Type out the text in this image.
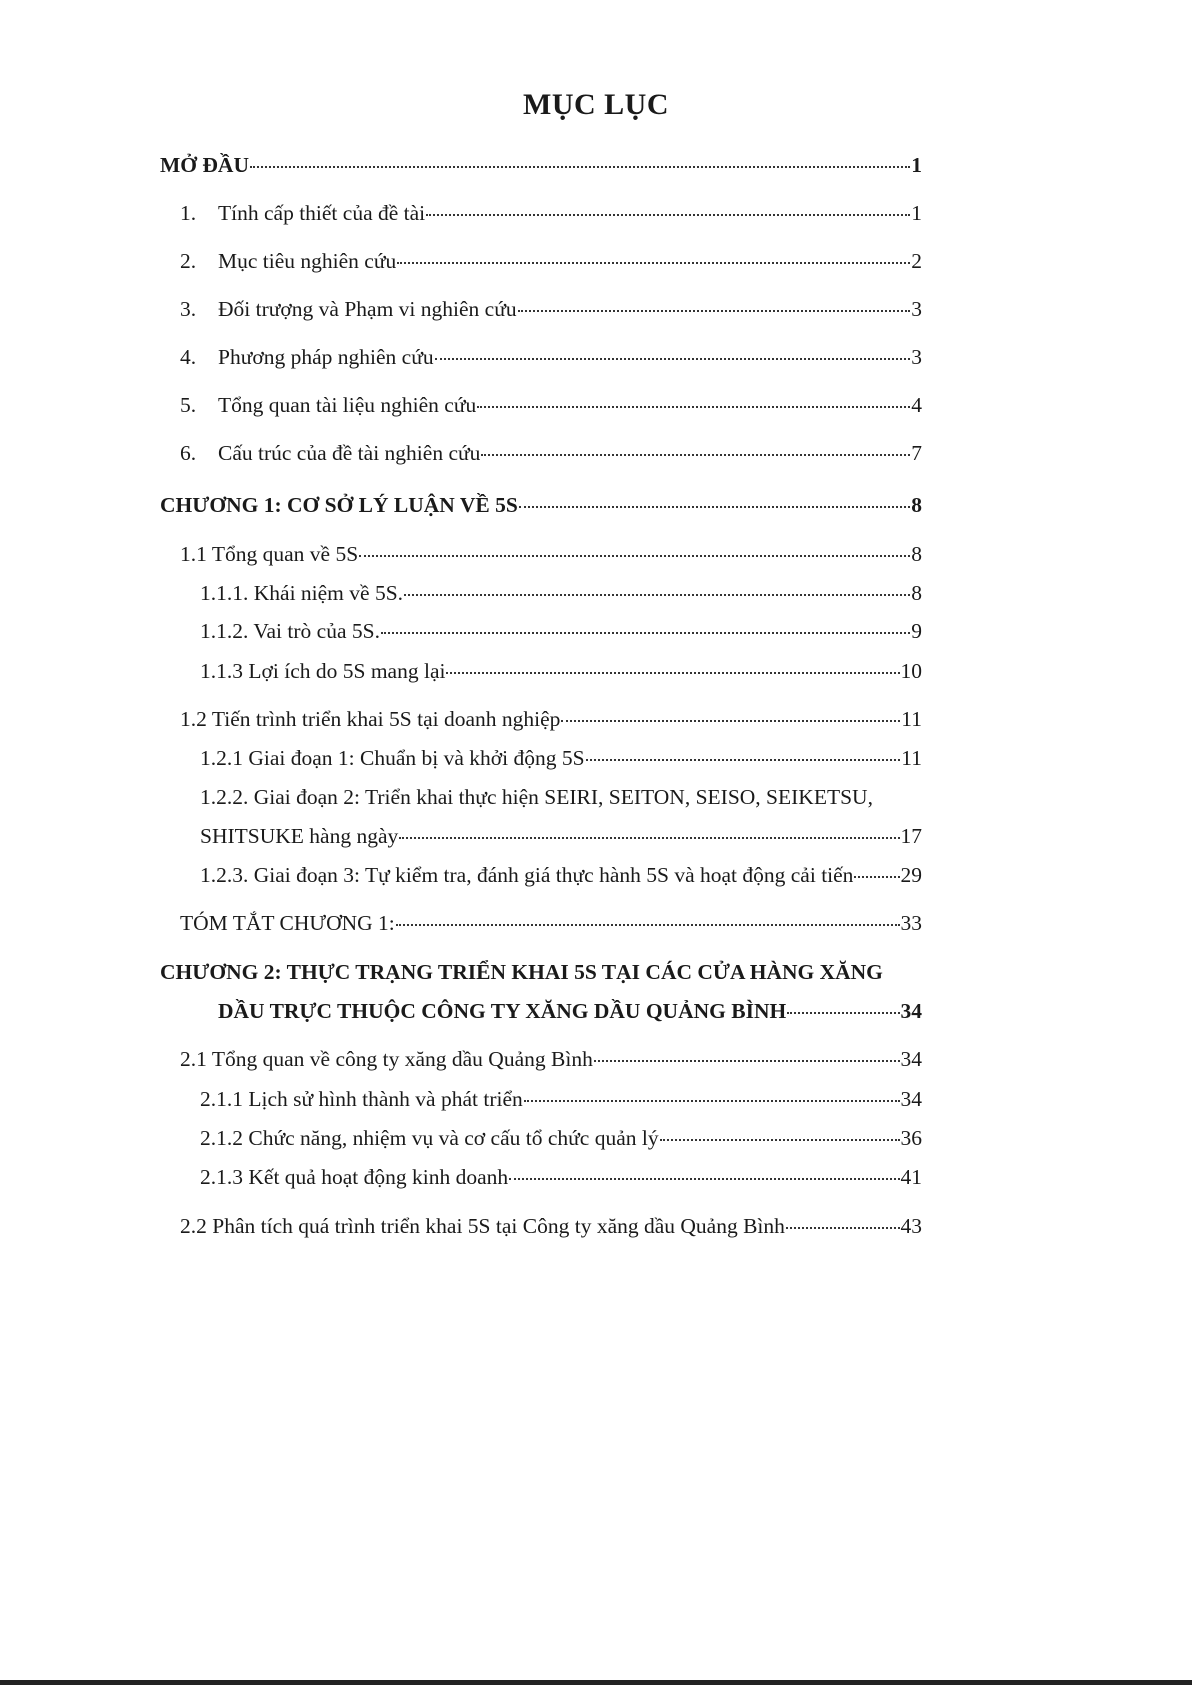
MỤC LỤC
MỞ ĐẦU	1
1.	Tính cấp thiết của đề tài	1
2.	Mục tiêu nghiên cứu	2
3.	Đối trượng và Phạm vi nghiên cứu	3
4.	Phương pháp nghiên cứu	3
5.	Tổng quan tài liệu nghiên cứu	4
6.	Cấu trúc của đề tài nghiên cứu	7
CHƯƠNG 1: CƠ SỞ LÝ LUẬN VỀ 5S	8
1.1 Tổng quan về 5S	8
1.1.1. Khái niệm về 5S.	8
1.1.2. Vai trò của 5S.	9
1.1.3 Lợi ích do 5S mang lại	10
1.2 Tiến trình triển khai 5S tại doanh nghiệp	11
1.2.1 Giai đoạn 1: Chuẩn bị và khởi động 5S	11
1.2.2. Giai đoạn 2: Triển khai thực hiện SEIRI, SEITON, SEISO, SEIKETSU,
SHITSUKE hàng ngày	17
1.2.3. Giai đoạn 3: Tự kiểm tra, đánh giá thực hành 5S và hoạt động cải tiến 29
TÓM TẮT CHƯƠNG 1:	33
CHƯƠNG 2: THỰC TRẠNG TRIỂN KHAI 5S TẠI CÁC CỬA HÀNG XĂNG
DẦU TRỰC THUỘC CÔNG TY XĂNG DẦU QUẢNG BÌNH	34
2.1 Tổng quan về công ty xăng dầu Quảng Bình	34
2.1.1 Lịch sử hình thành và phát triển	34
2.1.2 Chức năng, nhiệm vụ và cơ cấu tổ chức quản lý	36
2.1.3 Kết quả hoạt động kinh doanh	41
2.2 Phân tích quá trình triển khai 5S tại Công ty xăng dầu Quảng Bình	43
